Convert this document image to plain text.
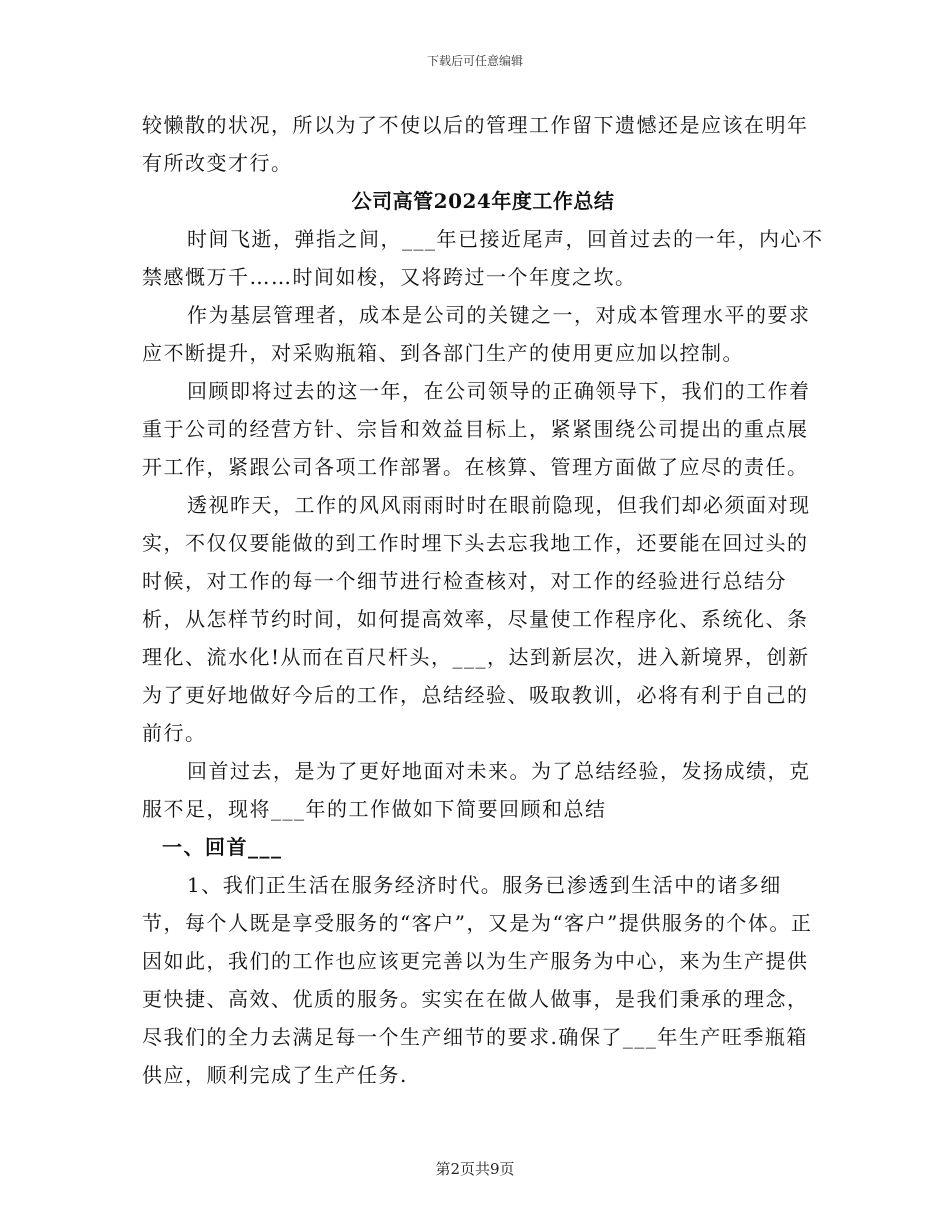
下载后可任意编辑

较懒散的状况，所以为了不使以后的管理工作留下遗憾还是应该在明年有所改变才行。

公司高管2024年度工作总结

时间飞逝，弹指之间，___年已接近尾声，回首过去的一年，内心不禁感慨万千……时间如梭，又将跨过一个年度之坎。

作为基层管理者，成本是公司的关键之一，对成本管理水平的要求应不断提升，对采购瓶箱、到各部门生产的使用更应加以控制。

回顾即将过去的这一年，在公司领导的正确领导下，我们的工作着重于公司的经营方针、宗旨和效益目标上，紧紧围绕公司提出的重点展开工作，紧跟公司各项工作部署。在核算、管理方面做了应尽的责任。

透视昨天，工作的风风雨雨时时在眼前隐现，但我们却必须面对现实，不仅仅要能做的到工作时埋下头去忘我地工作，还要能在回过头的时候，对工作的每一个细节进行检查核对，对工作的经验进行总结分析，从怎样节约时间，如何提高效率，尽量使工作程序化、系统化、条理化、流水化!从而在百尺杆头，___，达到新层次，进入新境界，创新为了更好地做好今后的工作，总结经验、吸取教训，必将有利于自己的前行。

回首过去，是为了更好地面对未来。为了总结经验，发扬成绩，克服不足，现将___年的工作做如下简要回顾和总结

一、回首___

1、我们正生活在服务经济时代。服务已渗透到生活中的诸多细节，每个人既是享受服务的“客户”，又是为“客户”提供服务的个体。正因如此，我们的工作也应该更完善以为生产服务为中心，来为生产提供更快捷、高效、优质的服务。实实在在做人做事，是我们秉承的理念，尽我们的全力去满足每一个生产细节的要求.确保了___年生产旺季瓶箱供应，顺利完成了生产任务.

第2页共9页
